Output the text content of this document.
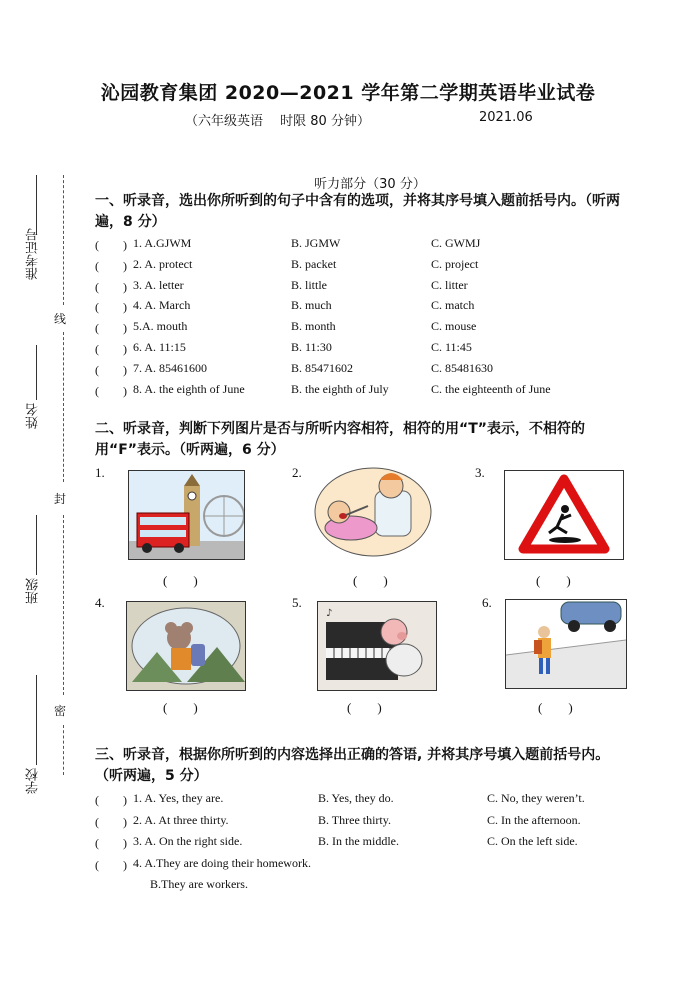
准考证号
线
姓名
封
班级
密
学校
沁园教育集团 2020—2021 学年第二学期英语毕业试卷
（六年级英语　 时限 80 分钟）	2021.06
听力部分（30 分）
一、听录音，选出你所听到的句子中含有的选项，并将其序号填入题前括号内。（听两遍，8 分）
(　　) 1. A.GJWM	B. JGMW	C. GWMJ
(　　) 2. A. protect	B. packet	C. project
(　　) 3. A. letter	B. little	C. litter
(　　) 4. A. March	B. much	C. match
(　　) 5.A. mouth	B. month	C. mouse
(　　) 6. A. 11:15	B. 11:30	C. 11:45
(　　) 7. A. 85461600	B. 85471602	C. 85481630
(　　) 8. A. the eighth of June	B. the eighth of July	C. the eighteenth of June
二、听录音，判断下列图片是否与所听内容相符，相符的用“T”表示，不相符的用“F”表示。（听两遍，6 分）
1.
(　　)
2.
(　　)
3.
(　　)
4.
(　　)
5.
♪
(　　)
6.
(　　)
三、听录音，根据你所听到的内容选择出正确的答语, 并将其序号填入题前括号内。（听两遍，5 分）
(　　) 1. A. Yes, they are.	B. Yes, they do.	C. No, they weren’t.
(　　) 2. A. At three thirty.	B. Three thirty.	C. In the afternoon.
(　　) 3. A. On the right side.	B. In the middle.	C. On the left side.
(　　) 4. A.They are doing their homework.
B.They are workers.
